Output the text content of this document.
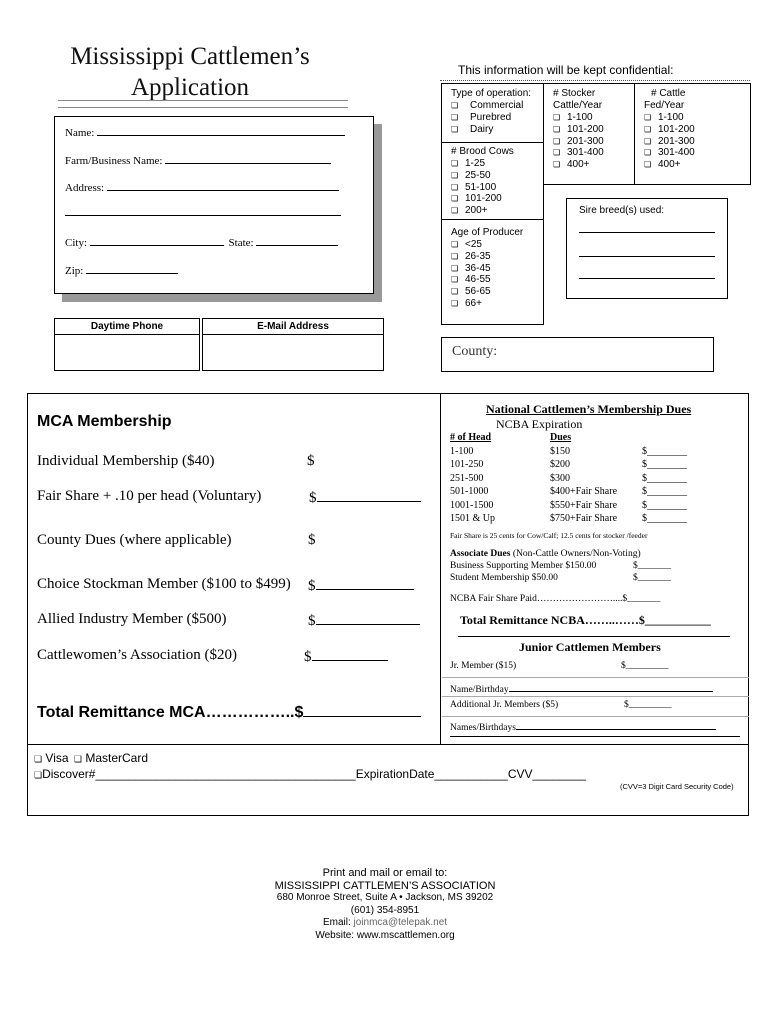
Mississippi Cattlemen’s
Application
This information will be kept confidential:
Name:
Farm/Business Name:
Address:
City:	State:
Zip:
Daytime Phone	E-Mail Address
Type of operation:
❏ Commercial
❏ Purebred
❏ Dairy
# Brood Cows
❏ 1-25
❏ 25-50
❏ 51-100
❏ 101-200
❏ 200+
Age of Producer
❏ <25
❏ 26-35
❏ 36-45
❏ 46-55
❏ 56-65
❏ 66+
# Stocker
Cattle/Year
❏ 1-100
❏ 101-200
❏ 201-300
❏ 301-400
❏ 400+
# Cattle
Fed/Year
❏ 1-100
❏ 101-200
❏ 201-300
❏ 301-400
❏ 400+
Sire breed(s) used:
County:
MCA Membership
Individual Membership ($40)	$
Fair Share + .10 per head (Voluntary)	$
County Dues (where applicable)	$
Choice Stockman Member ($100 to $499) $
Allied Industry Member ($500)	$
Cattlewomen’s Association ($20)	$
Total Remittance MCA……………..$
National Cattlemen’s Membership Dues
NCBA Expiration
# of Head	Dues	
1-100	$150	$________
101-250	$200	$________
251-500	$300	$________
501-1000	$400+Fair Share	$________
1001-1500	$550+Fair Share	$________
1501 & Up	$750+Fair Share	$________
Fair Share is 25 cents for Cow/Calf; 12.5 cents for stocker /feeder
Associate Dues (Non-Cattle Owners/Non-Voting)
Business Supporting Member $150.00	$_______
Student Membership $50.00	$_______
NCBA Fair Share Paid……………………....$_______
Total Remittance NCBA……..……$___________
Junior Cattlemen Members
Jr. Member ($15)	$_________
Name/Birthday
Additional Jr. Members ($5)	$_________
Names/Birthdays
❏ Visa ❏ MasterCard
❏Discover#_______________________________________ExpirationDate___________CVV________
(CVV=3 Digit Card Security Code)
Print and mail or email to:
MISSISSIPPI CATTLEMEN’S ASSOCIATION
680 Monroe Street, Suite A • Jackson, MS 39202
(601) 354-8951
Email: joinmca@telepak.net
Website: www.mscattlemen.org
